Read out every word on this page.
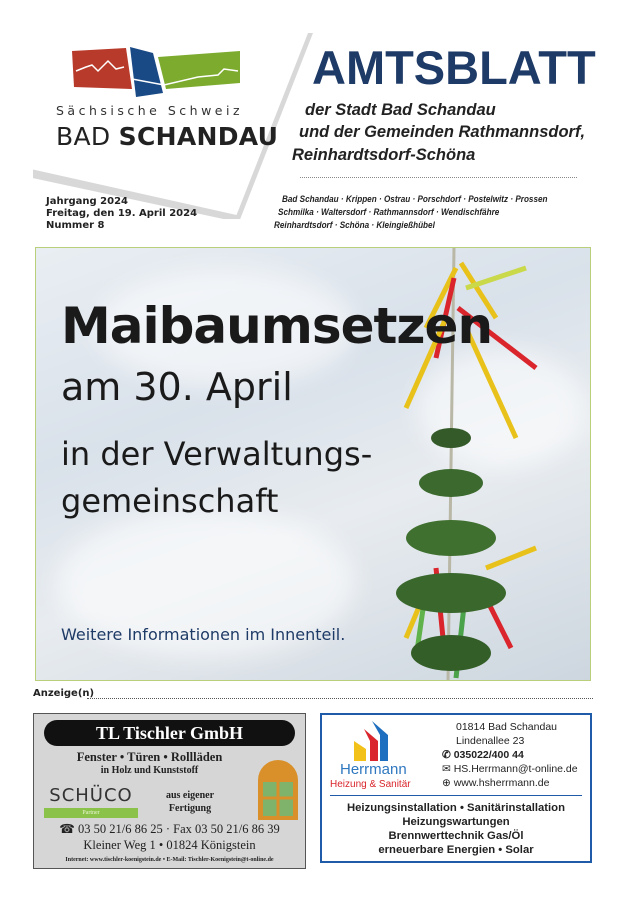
Sächsische Schweiz
BAD SCHANDAU
AMTSBLATT
der Stadt Bad Schandau
und der Gemeinden Rathmannsdorf,
Reinhardtsdorf-Schöna
Jahrgang 2024
Freitag, den 19. April 2024
Nummer 8
Bad Schandau · Krippen · Ostrau · Porschdorf · Postelwitz · Prossen
Schmilka · Waltersdorf · Rathmannsdorf · Wendischfähre
Reinhardtsdorf · Schöna · Kleingießhübel
Maibaumsetzen
am 30. April
in der Verwaltungs-
gemeinschaft
Weitere Informationen im Innenteil.
Anzeige(n)
TL Tischler GmbH
Fenster • Türen • Rollläden
in Holz und Kunststoff
SCHÜCO
Partner
aus eigener
Fertigung
☎ 03 50 21/6 86 25 · Fax 03 50 21/6 86 39
Kleiner Weg 1 • 01824 Königstein
Internet: www.tischler-koenigstein.de • E-Mail: Tischler-Koenigstein@t-online.de
Herrmann
Heizung & Sanitär
01814 Bad Schandau
Lindenallee 23
✆ 035022/400 44
✉ HS.Herrmann@t-online.de
⊕ www.hsherrmann.de
Heizungsinstallation • Sanitärinstallation
Heizungswartungen
Brennwerttechnik Gas/Öl
erneuerbare Energien • Solar
